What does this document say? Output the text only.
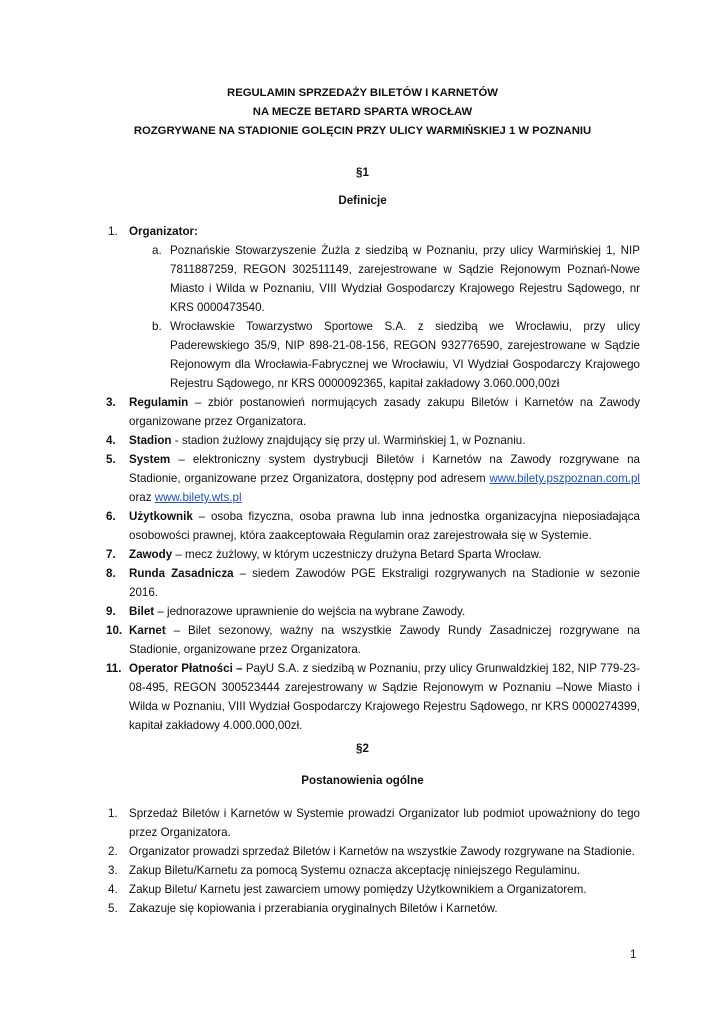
REGULAMIN SPRZEDAŻY BILETÓW I KARNETÓW
NA MECZE BETARD SPARTA WROCŁAW
ROZGRYWANE NA STADIONIE GOLĘCIN PRZY ULICY WARMIŃSKIEJ 1 W POZNANIU
§1
Definicje
1. Organizator:
a. Poznańskie Stowarzyszenie Żużla z siedzibą w Poznaniu, przy ulicy Warmińskiej 1, NIP 7811887259, REGON 302511149, zarejestrowane w Sądzie Rejonowym Poznań-Nowe Miasto i Wilda w Poznaniu, VIII Wydział Gospodarczy Krajowego Rejestru Sądowego, nr KRS 0000473540.
b. Wrocławskie Towarzystwo Sportowe S.A. z siedzibą we Wrocławiu, przy ulicy Paderewskiego 35/9, NIP 898-21-08-156, REGON 932776590, zarejestrowane w Sądzie Rejonowym dla Wrocławia-Fabrycznej we Wrocławiu, VI Wydział Gospodarczy Krajowego Rejestru Sądowego, nr KRS 0000092365, kapitał zakładowy 3.060.000,00zł
3. Regulamin – zbiór postanowień normujących zasady zakupu Biletów i Karnetów na Zawody organizowane przez Organizatora.
4. Stadion - stadion żużlowy znajdujący się przy ul. Warmińskiej 1, w Poznaniu.
5. System – elektroniczny system dystrybucji Biletów i Karnetów na Zawody rozgrywane na Stadionie, organizowane przez Organizatora, dostępny pod adresem www.bilety.pszpoznan.com.pl oraz www.bilety.wts.pl
6. Użytkownik – osoba fizyczna, osoba prawna lub inna jednostka organizacyjna nieposiadająca osobowości prawnej, która zaakceptowała Regulamin oraz zarejestrowała się w Systemie.
7. Zawody – mecz żużlowy, w którym uczestniczy drużyna Betard Sparta Wrocław.
8. Runda Zasadnicza – siedem Zawodów PGE Ekstraligi rozgrywanych na Stadionie w sezonie 2016.
9. Bilet – jednorazowe uprawnienie do wejścia na wybrane Zawody.
10. Karnet – Bilet sezonowy, ważny na wszystkie Zawody Rundy Zasadniczej rozgrywane na Stadionie, organizowane przez Organizatora.
11. Operator Płatności – PayU S.A. z siedzibą w Poznaniu, przy ulicy Grunwaldzkiej 182, NIP 779-23-08-495, REGON 300523444 zarejestrowany w Sądzie Rejonowym w Poznaniu –Nowe Miasto i Wilda w Poznaniu, VIII Wydział Gospodarczy Krajowego Rejestru Sądowego, nr KRS 0000274399, kapitał zakładowy 4.000.000,00zł.
§2
Postanowienia ogólne
1. Sprzedaż Biletów i Karnetów w Systemie prowadzi Organizator lub podmiot upoważniony do tego przez Organizatora.
2. Organizator prowadzi sprzedaż Biletów i Karnetów na wszystkie Zawody rozgrywane na Stadionie.
3. Zakup Biletu/Karnetu za pomocą Systemu oznacza akceptację niniejszego Regulaminu.
4. Zakup Biletu/ Karnetu jest zawarciem umowy pomiędzy Użytkownikiem a Organizatorem.
5. Zakazuje się kopiowania i przerabiania oryginalnych Biletów i Karnetów.
1
